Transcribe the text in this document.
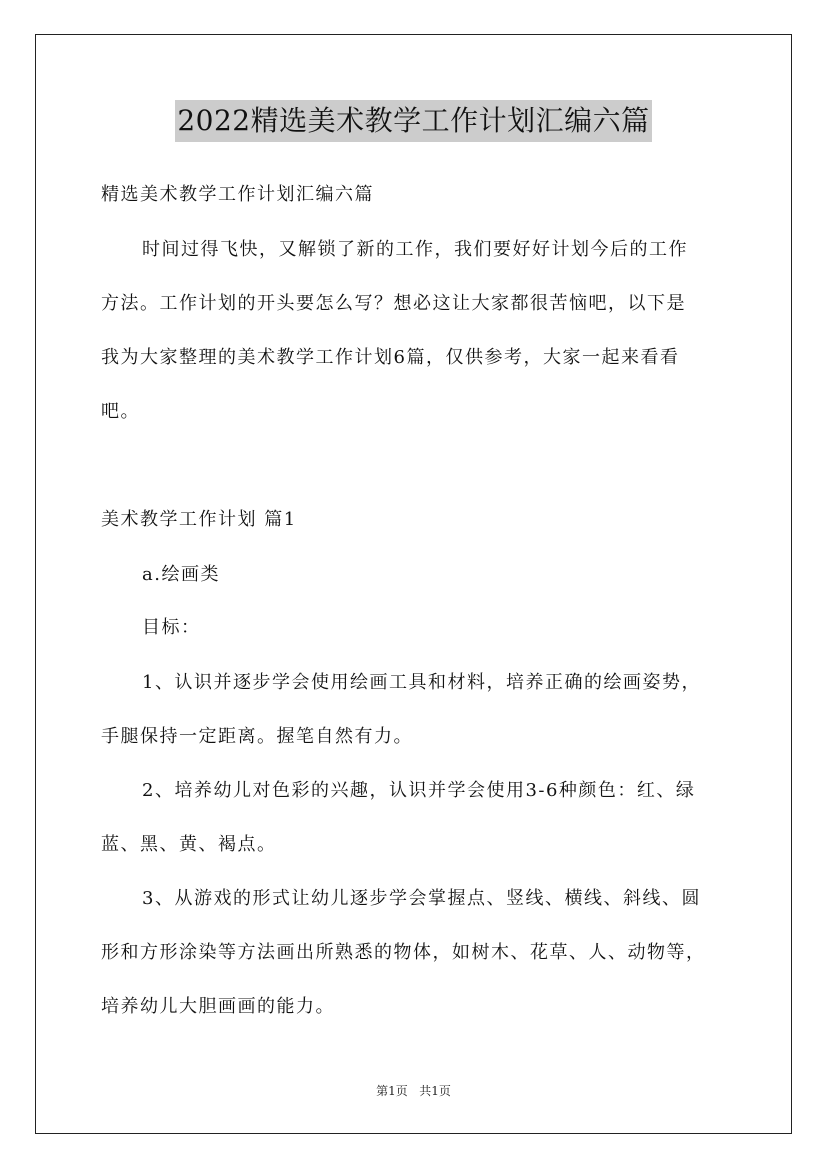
2022精选美术教学工作计划汇编六篇
精选美术教学工作计划汇编六篇
时间过得飞快，又解锁了新的工作，我们要好好计划今后的工作
方法。工作计划的开头要怎么写？想必这让大家都很苦恼吧，以下是
我为大家整理的美术教学工作计划6篇，仅供参考，大家一起来看看
吧。
美术教学工作计划 篇1
a.绘画类
目标：
1、认识并逐步学会使用绘画工具和材料，培养正确的绘画姿势，
手腿保持一定距离。握笔自然有力。
2、培养幼儿对色彩的兴趣，认识并学会使用3-6种颜色：红、绿
蓝、黑、黄、褐点。
3、从游戏的形式让幼儿逐步学会掌握点、竖线、横线、斜线、圆
形和方形涂染等方法画出所熟悉的物体，如树木、花草、人、动物等，
培养幼儿大胆画画的能力。
第1页 共1页
